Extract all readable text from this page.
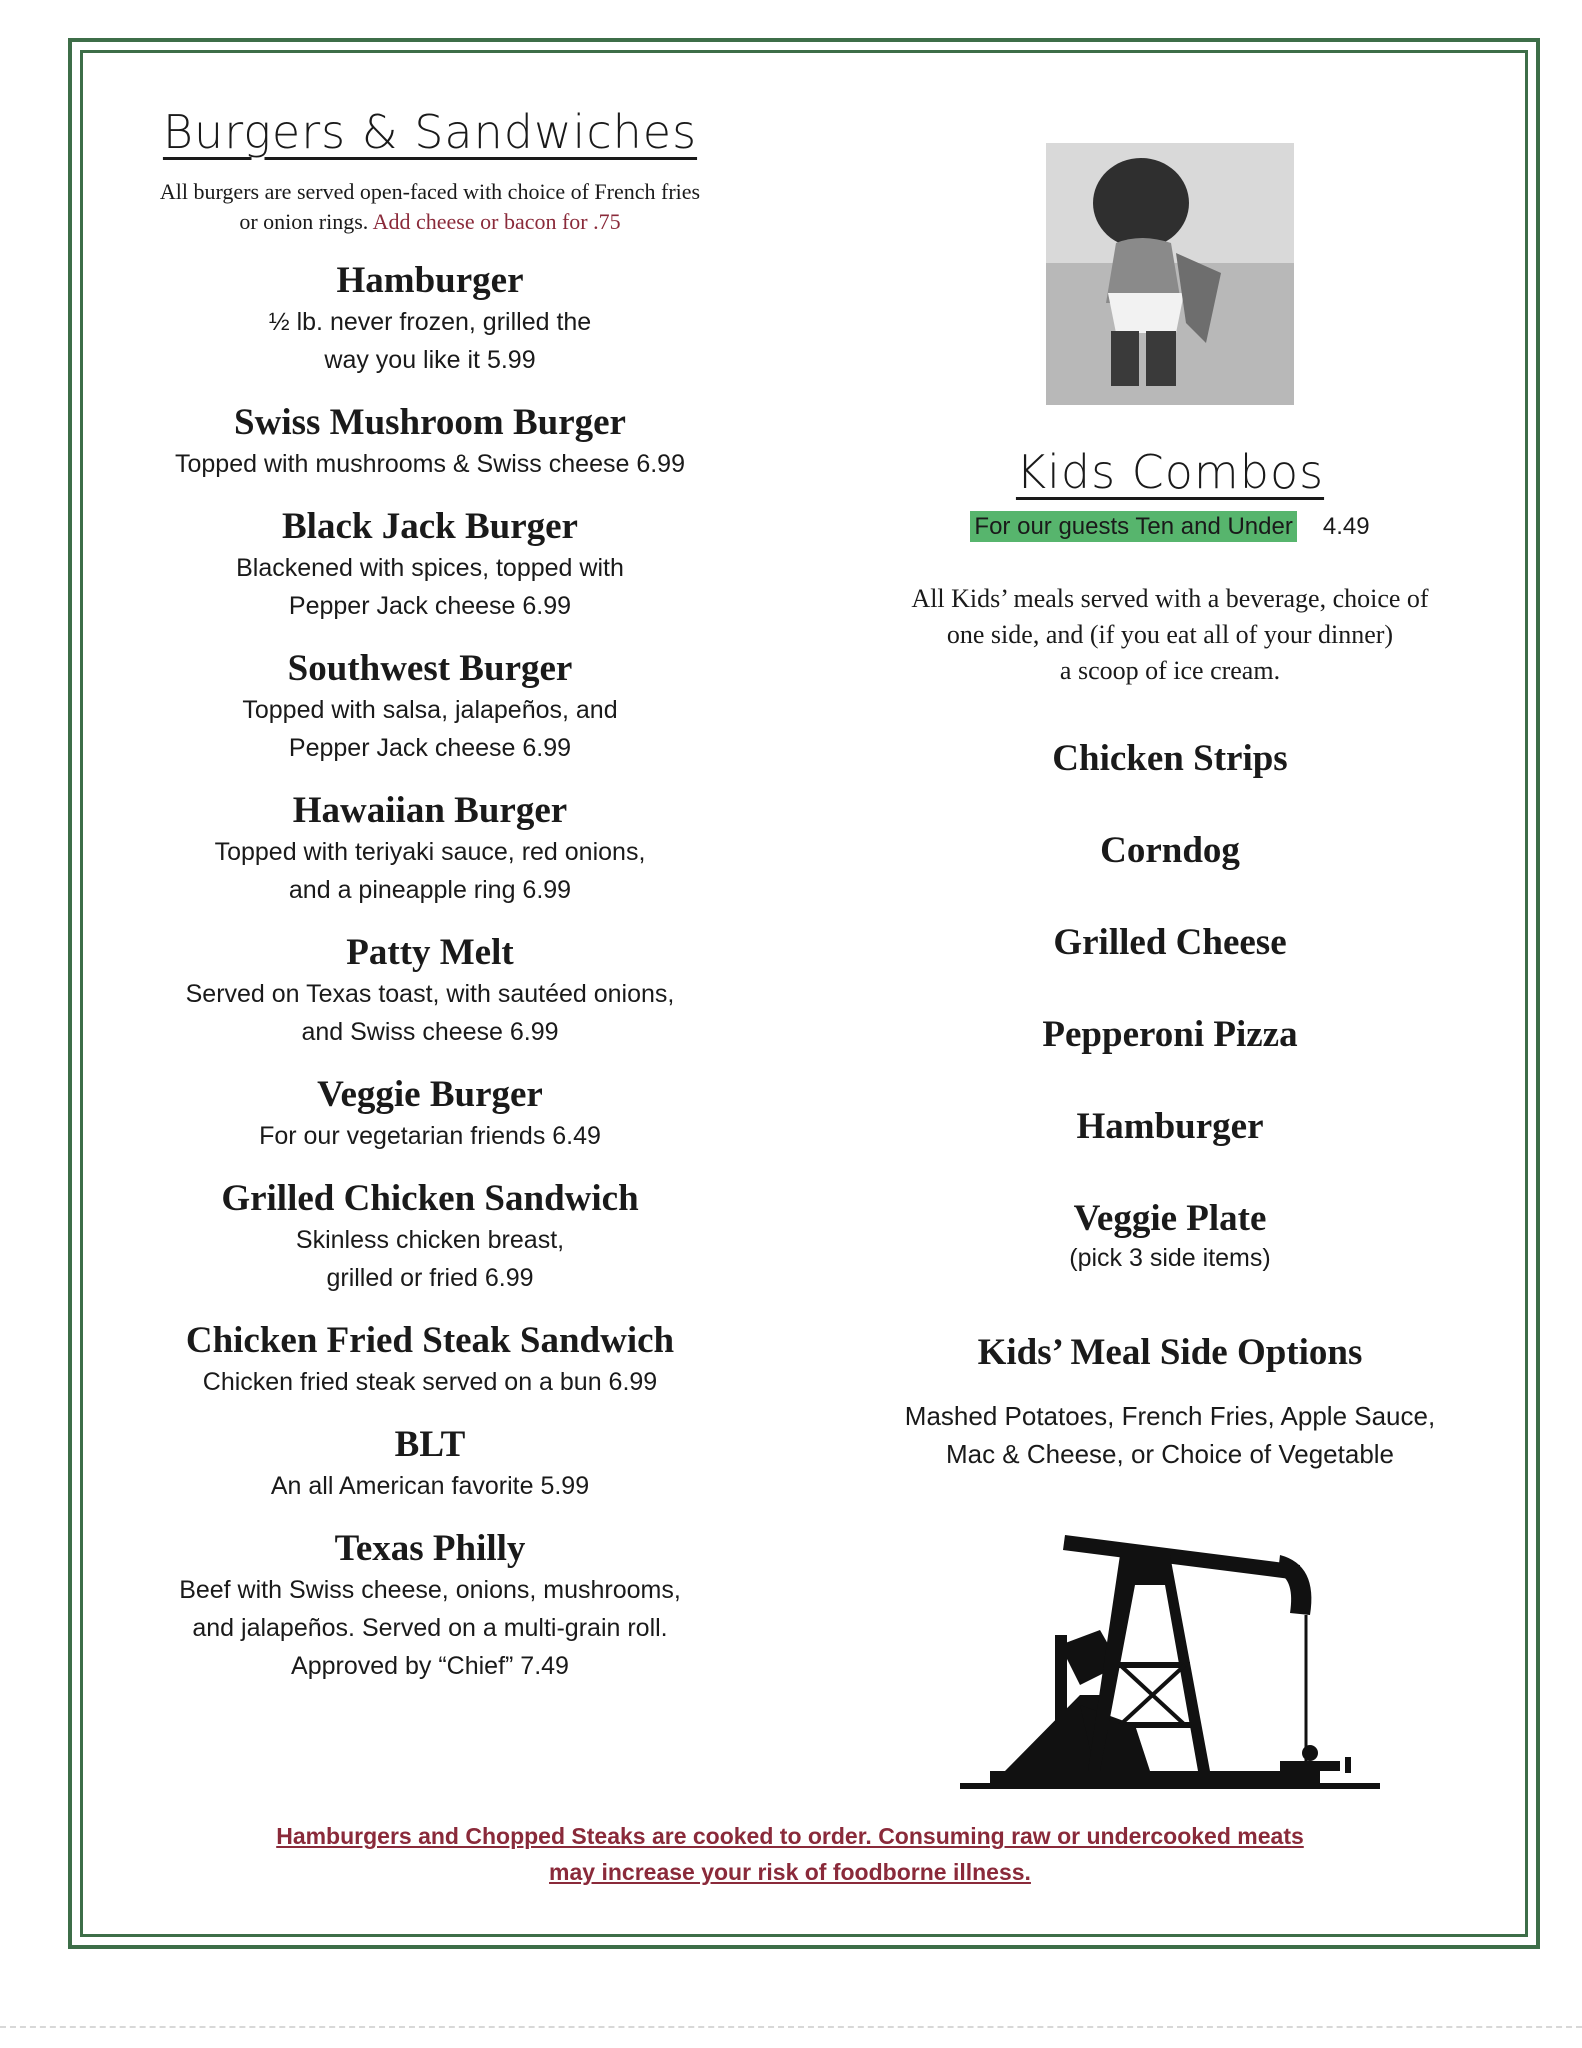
Burgers & Sandwiches
All burgers are served open-faced with choice of French fries
or onion rings. Add cheese or bacon for .75
Hamburger
½ lb. never frozen, grilled the
way you like it 5.99
Swiss Mushroom Burger
Topped with mushrooms & Swiss cheese 6.99
Black Jack Burger
Blackened with spices, topped with
Pepper Jack cheese 6.99
Southwest Burger
Topped with salsa, jalapeños, and
Pepper Jack cheese 6.99
Hawaiian Burger
Topped with teriyaki sauce, red onions,
and a pineapple ring 6.99
Patty Melt
Served on Texas toast, with sautéed onions,
and Swiss cheese 6.99
Veggie Burger
For our vegetarian friends 6.49
Grilled Chicken Sandwich
Skinless chicken breast,
grilled or fried 6.99
Chicken Fried Steak Sandwich
Chicken fried steak served on a bun 6.99
BLT
An all American favorite 5.99
Texas Philly
Beef with Swiss cheese, onions, mushrooms,
and jalapeños. Served on a multi-grain roll.
Approved by “Chief” 7.49
Kids Combos
For our guests Ten and Under 4.49
All Kids’ meals served with a beverage, choice of
one side, and (if you eat all of your dinner)
a scoop of ice cream.
Chicken Strips
Corndog
Grilled Cheese
Pepperoni Pizza
Hamburger
Veggie Plate
(pick 3 side items)
Kids’ Meal Side Options
Mashed Potatoes, French Fries, Apple Sauce,
Mac & Cheese, or Choice of Vegetable
Hamburgers and Chopped Steaks are cooked to order. Consuming raw or undercooked meats
may increase your risk of foodborne illness.
